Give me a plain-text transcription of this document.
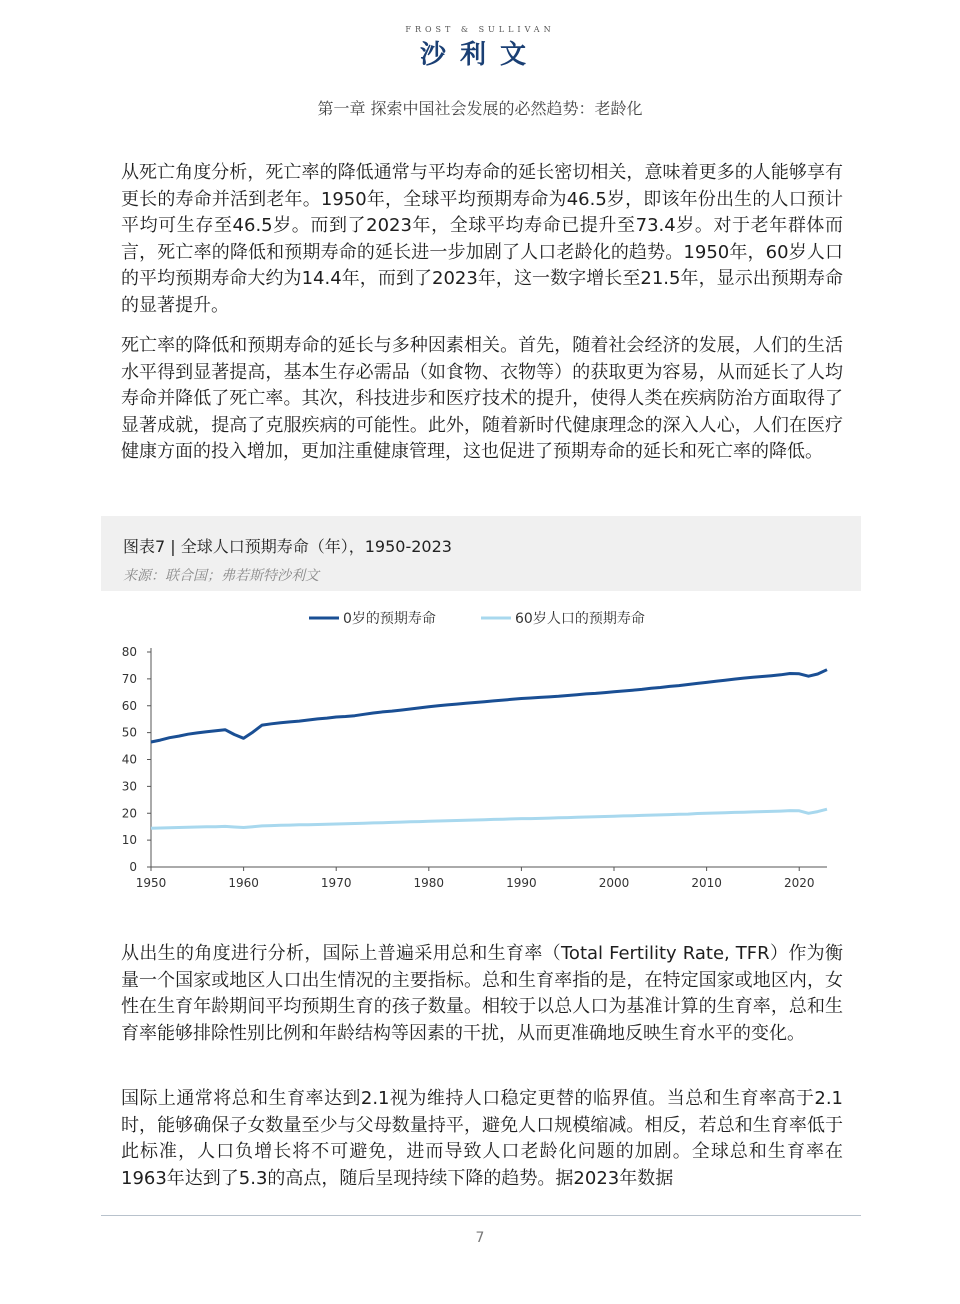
FROST & SULLIVAN
沙利文
第一章 探索中国社会发展的必然趋势：老龄化

从死亡角度分析，死亡率的降低通常与平均寿命的延长密切相关，意味着更多的人能够享有更长的寿命并活到老年。1950年，全球平均预期寿命为46.5岁，即该年份出生的人口预计平均可生存至46.5岁。而到了2023年，全球平均寿命已提升至73.4岁。对于老年群体而言，死亡率的降低和预期寿命的延长进一步加剧了人口老龄化的趋势。1950年，60岁人口的平均预期寿命大约为14.4年，而到了2023年，这一数字增长至21.5年，显示出预期寿命的显著提升。

死亡率的降低和预期寿命的延长与多种因素相关。首先，随着社会经济的发展，人们的生活水平得到显著提高，基本生存必需品（如食物、衣物等）的获取更为容易，从而延长了人均寿命并降低了死亡率。其次，科技进步和医疗技术的提升，使得人类在疾病防治方面取得了显著成就，提高了克服疾病的可能性。此外，随着新时代健康理念的深入人心，人们在医疗健康方面的投入增加，更加注重健康管理，这也促进了预期寿命的延长和死亡率的降低。

图表7 | 全球人口预期寿命（年），1950-2023
来源：联合国；弗若斯特沙利文
0
10
20
30
40
50
60
70
80
1950	1960	1970	1980	1990	2000	2010	2020
0岁的预期寿命	60岁人口的预期寿命

从出生的角度进行分析，国际上普遍采用总和生育率（Total Fertility Rate, TFR）作为衡量一个国家或地区人口出生情况的主要指标。总和生育率指的是，在特定国家或地区内，女性在生育年龄期间平均预期生育的孩子数量。相较于以总人口为基准计算的生育率，总和生育率能够排除性别比例和年龄结构等因素的干扰，从而更准确地反映生育水平的变化。

国际上通常将总和生育率达到2.1视为维持人口稳定更替的临界值。当总和生育率高于2.1时，能够确保子女数量至少与父母数量持平，避免人口规模缩减。相反，若总和生育率低于此标准，人口负增长将不可避免，进而导致人口老龄化问题的加剧。全球总和生育率在1963年达到了5.3的高点，随后呈现持续下降的趋势。据2023年数据

7
